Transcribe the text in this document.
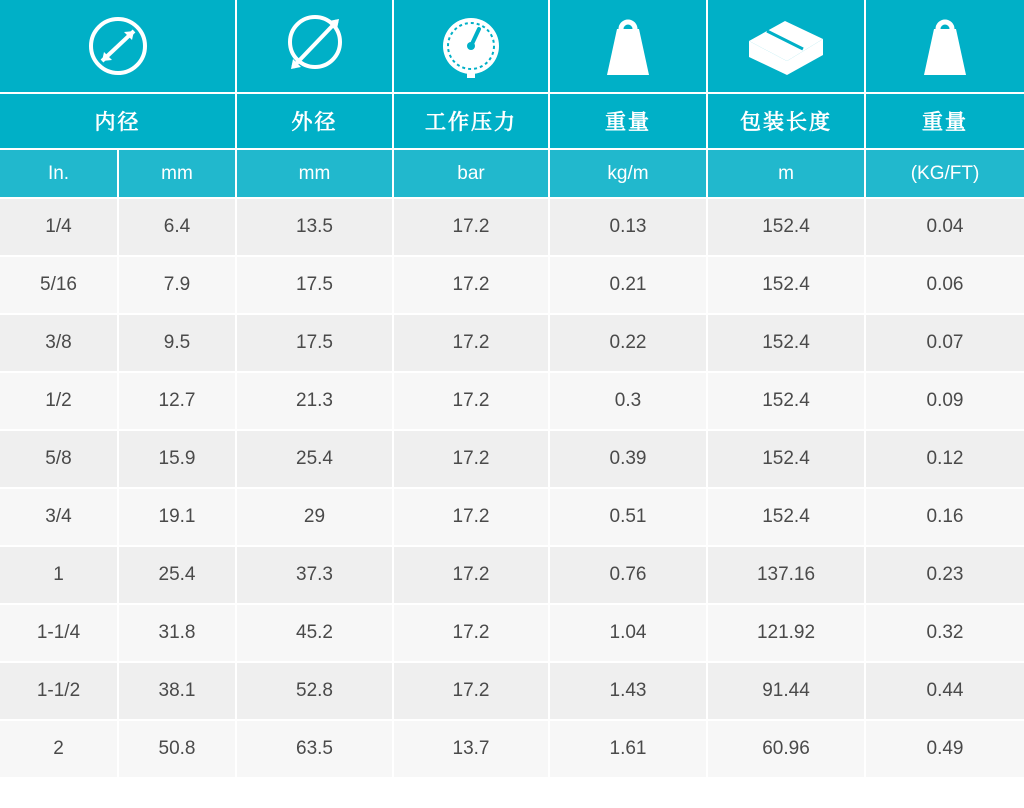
内径		外径	工作压力	重量	包装长度	重量
In.	mm	mm	bar	kg/m	m	(KG/FT)
1/4	6.4	13.5	17.2	0.13	152.4	0.04
5/16	7.9	17.5	17.2	0.21	152.4	0.06
3/8	9.5	17.5	17.2	0.22	152.4	0.07
1/2	12.7	21.3	17.2	0.3	152.4	0.09
5/8	15.9	25.4	17.2	0.39	152.4	0.12
3/4	19.1	29	17.2	0.51	152.4	0.16
1	25.4	37.3	17.2	0.76	137.16	0.23
1-1/4	31.8	45.2	17.2	1.04	121.92	0.32
1-1/2	38.1	52.8	17.2	1.43	91.44	0.44
2	50.8	63.5	13.7	1.61	60.96	0.49
